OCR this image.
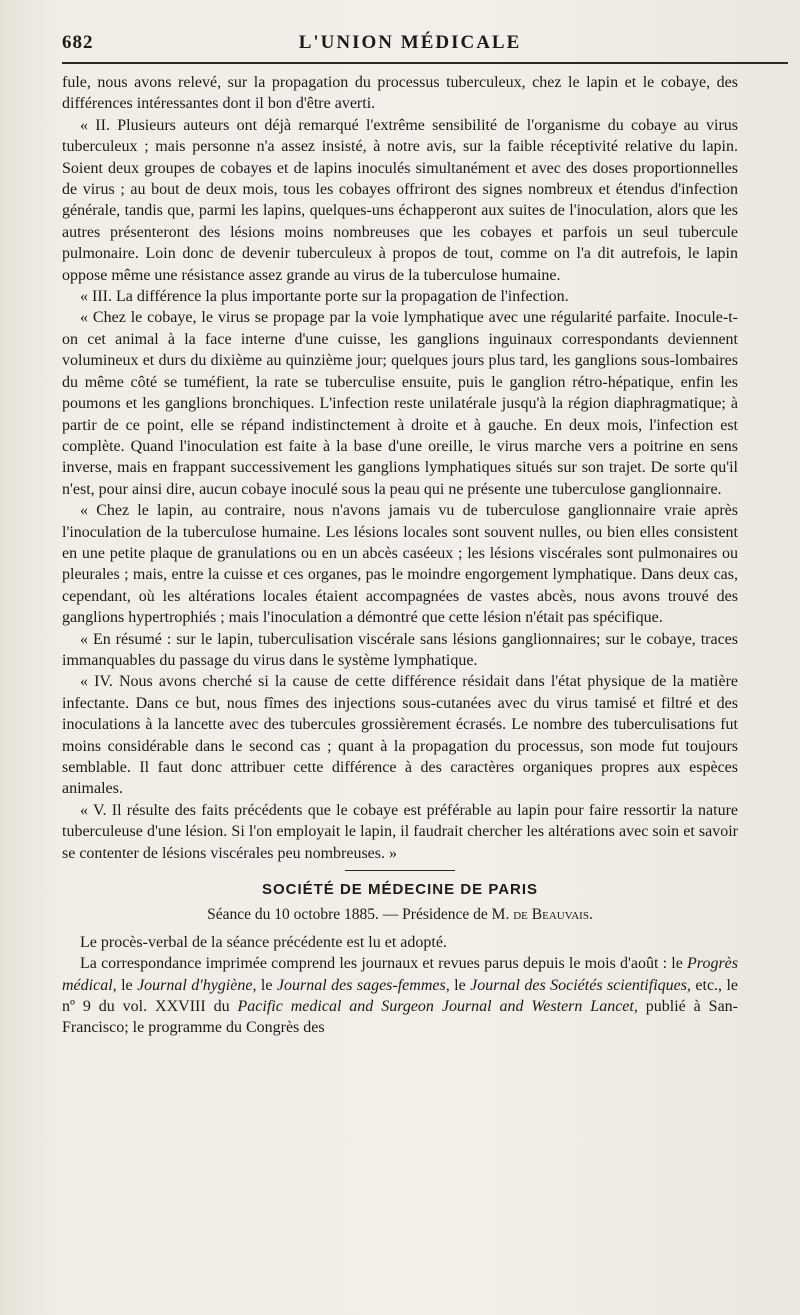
682	L'UNION MÉDICALE

fule, nous avons relevé, sur la propagation du processus tuberculeux, chez le lapin et le cobaye, des différences intéressantes dont il bon d'être averti.

« II. Plusieurs auteurs ont déjà remarqué l'extrême sensibilité de l'organisme du cobaye au virus tuberculeux ; mais personne n'a assez insisté, à notre avis, sur la faible réceptivité relative du lapin. Soient deux groupes de cobayes et de lapins inoculés simultanément et avec des doses proportionnelles de virus ; au bout de deux mois, tous les cobayes offriront des signes nombreux et étendus d'infection générale, tandis que, parmi les lapins, quelques-uns échapperont aux suites de l'inoculation, alors que les autres présenteront des lésions moins nombreuses que les cobayes et parfois un seul tubercule pulmonaire. Loin donc de devenir tuberculeux à propos de tout, comme on l'a dit autrefois, le lapin oppose même une résistance assez grande au virus de la tuberculose humaine.

« III. La différence la plus importante porte sur la propagation de l'infection.

« Chez le cobaye, le virus se propage par la voie lymphatique avec une régularité parfaite. Inocule-t-on cet animal à la face interne d'une cuisse, les ganglions inguinaux correspondants deviennent volumineux et durs du dixième au quinzième jour; quelques jours plus tard, les ganglions sous-lombaires du même côté se tuméfient, la rate se tuberculise ensuite, puis le ganglion rétro-hépatique, enfin les poumons et les ganglions bronchiques. L'infection reste unilatérale jusqu'à la région diaphragmatique; à partir de ce point, elle se répand indistinctement à droite et à gauche. En deux mois, l'infection est complète. Quand l'inoculation est faite à la base d'une oreille, le virus marche vers a poitrine en sens inverse, mais en frappant successivement les ganglions lymphatiques situés sur son trajet. De sorte qu'il n'est, pour ainsi dire, aucun cobaye inoculé sous la peau qui ne présente une tuberculose ganglionnaire.

« Chez le lapin, au contraire, nous n'avons jamais vu de tuberculose ganglionnaire vraie après l'inoculation de la tuberculose humaine. Les lésions locales sont souvent nulles, ou bien elles consistent en une petite plaque de granulations ou en un abcès caséeux ; les lésions viscérales sont pulmonaires ou pleurales ; mais, entre la cuisse et ces organes, pas le moindre engorgement lymphatique. Dans deux cas, cependant, où les altérations locales étaient accompagnées de vastes abcès, nous avons trouvé des ganglions hypertrophiés ; mais l'inoculation a démontré que cette lésion n'était pas spécifique.

« En résumé : sur le lapin, tuberculisation viscérale sans lésions ganglionnaires; sur le cobaye, traces immanquables du passage du virus dans le système lymphatique.

« IV. Nous avons cherché si la cause de cette différence résidait dans l'état physique de la matière infectante. Dans ce but, nous fîmes des injections sous-cutanées avec du virus tamisé et filtré et des inoculations à la lancette avec des tubercules grossièrement écrasés. Le nombre des tuberculisations fut moins considérable dans le second cas ; quant à la propagation du processus, son mode fut toujours semblable. Il faut donc attribuer cette différence à des caractères organiques propres aux espèces animales.

« V. Il résulte des faits précédents que le cobaye est préférable au lapin pour faire ressortir la nature tuberculeuse d'une lésion. Si l'on employait le lapin, il faudrait chercher les altérations avec soin et savoir se contenter de lésions viscérales peu nombreuses. »

SOCIÉTÉ DE MÉDECINE DE PARIS
Séance du 10 octobre 1885. — Présidence de M. de Beauvais.

Le procès-verbal de la séance précédente est lu et adopté.

La correspondance imprimée comprend les journaux et revues parus depuis le mois d'août : le Progrès médical, le Journal d'hygiène, le Journal des sages-femmes, le Journal des Sociétés scientifiques, etc., le nº 9 du vol. XXVIII du Pacific medical and Surgeon Journal and Western Lancet, publié à San-Francisco; le programme du Congrès des
